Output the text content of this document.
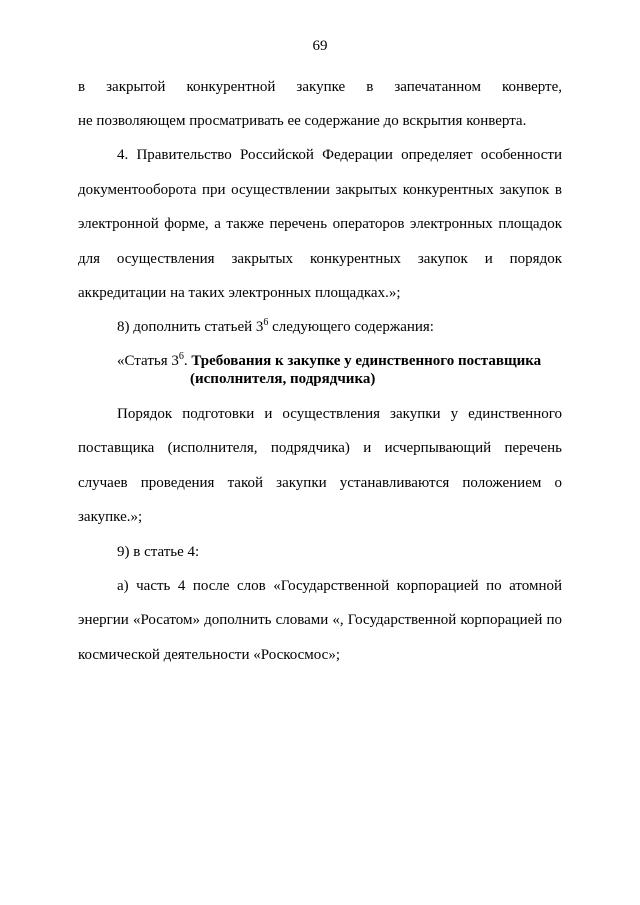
69
в закрытой конкурентной закупке в запечатанном конверте,
не позволяющем просматривать ее содержание до вскрытия конверта.
4. Правительство Российской Федерации определяет особенности
документооборота при осуществлении закрытых конкурентных закупок в
электронной форме, а также перечень операторов электронных площадок
для осуществления закрытых конкурентных закупок и порядок
аккредитации на таких электронных площадках.»;
8) дополнить статьей $3^6$ следующего содержания:
«Статья $3^6$. Требования к закупке у единственного поставщика
(исполнителя, подрядчика)
Порядок подготовки и осуществления закупки у единственного
поставщика (исполнителя, подрядчика) и исчерпывающий перечень
случаев проведения такой закупки устанавливаются положением о
закупке.»;
9) в статье 4:
а) часть 4 после слов «Государственной корпорацией по атомной
энергии «Росатом» дополнить словами «, Государственной корпорацией по
космической деятельности «Роскосмос»;
